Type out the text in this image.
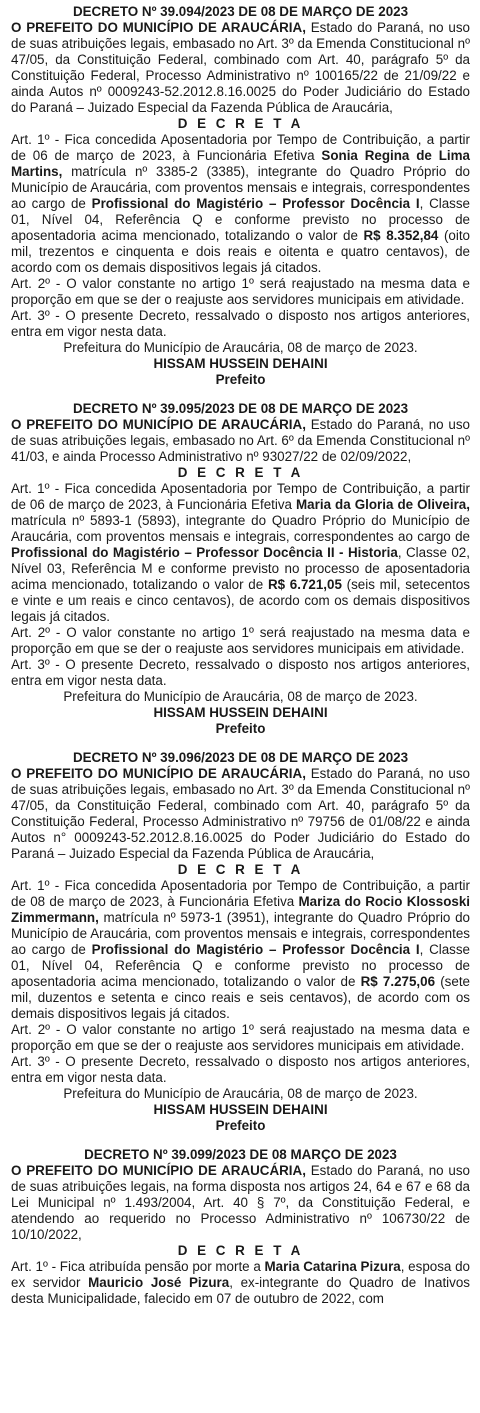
DECRETO Nº 39.094/2023 DE 08 DE MARÇO DE 2023

O PREFEITO DO MUNICÍPIO DE ARAUCÁRIA, Estado do Paraná, no uso de suas atribuições legais, embasado no Art. 3º da Emenda Constitucional nº 47/05, da Constituição Federal, combinado com Art. 40, parágrafo 5º da Constituição Federal, Processo Administrativo nº 100165/22 de 21/09/22 e ainda Autos nº 0009243-52.2012.8.16.0025 do Poder Judiciário do Estado do Paraná – Juizado Especial da Fazenda Pública de Araucária,

D E C R E T A

Art. 1º - Fica concedida Aposentadoria por Tempo de Contribuição, a partir de 06 de março de 2023, à Funcionária Efetiva Sonia Regina de Lima Martins, matrícula nº 3385-2 (3385), integrante do Quadro Próprio do Município de Araucária, com proventos mensais e integrais, correspondentes ao cargo de Profissional do Magistério – Professor Docência I, Classe 01, Nível 04, Referência Q e conforme previsto no processo de aposentadoria acima mencionado, totalizando o valor de R$ 8.352,84 (oito mil, trezentos e cinquenta e dois reais e oitenta e quatro centavos), de acordo com os demais dispositivos legais já citados.

Art. 2º - O valor constante no artigo 1º será reajustado na mesma data e proporção em que se der o reajuste aos servidores municipais em atividade.

Art. 3º - O presente Decreto, ressalvado o disposto nos artigos anteriores, entra em vigor nesta data.

Prefeitura do Município de Araucária, 08 de março de 2023.

HISSAM HUSSEIN DEHAINI

Prefeito

DECRETO Nº 39.095/2023 DE 08 DE MARÇO DE 2023

O PREFEITO DO MUNICÍPIO DE ARAUCÁRIA, Estado do Paraná, no uso de suas atribuições legais, embasado no Art. 6º da Emenda Constitucional nº 41/03, e ainda Processo Administrativo nº 93027/22 de 02/09/2022,

D E C R E T A

Art. 1º - Fica concedida Aposentadoria por Tempo de Contribuição, a partir de 06 de março de 2023, à Funcionária Efetiva Maria da Gloria de Oliveira, matrícula nº 5893-1 (5893), integrante do Quadro Próprio do Município de Araucária, com proventos mensais e integrais, correspondentes ao cargo de Profissional do Magistério – Professor Docência II - Historia, Classe 02, Nível 03, Referência M e conforme previsto no processo de aposentadoria acima mencionado, totalizando o valor de R$ 6.721,05 (seis mil, setecentos e vinte e um reais e cinco centavos), de acordo com os demais dispositivos legais já citados.

Art. 2º - O valor constante no artigo 1º será reajustado na mesma data e proporção em que se der o reajuste aos servidores municipais em atividade.

Art. 3º - O presente Decreto, ressalvado o disposto nos artigos anteriores, entra em vigor nesta data.

Prefeitura do Município de Araucária, 08 de março de 2023.

HISSAM HUSSEIN DEHAINI

Prefeito

DECRETO Nº 39.096/2023 DE 08 DE MARÇO DE 2023

O PREFEITO DO MUNICÍPIO DE ARAUCÁRIA, Estado do Paraná, no uso de suas atribuições legais, embasado no Art. 3º da Emenda Constitucional nº 47/05, da Constituição Federal, combinado com Art. 40, parágrafo 5º da Constituição Federal, Processo Administrativo nº 79756 de 01/08/22 e ainda Autos n° 0009243-52.2012.8.16.0025 do Poder Judiciário do Estado do Paraná – Juizado Especial da Fazenda Pública de Araucária,

D E C R E T A

Art. 1º - Fica concedida Aposentadoria por Tempo de Contribuição, a partir de 08 de março de 2023, à Funcionária Efetiva Mariza do Rocio Klossoski Zimmermann, matrícula nº 5973-1 (3951), integrante do Quadro Próprio do Município de Araucária, com proventos mensais e integrais, correspondentes ao cargo de Profissional do Magistério – Professor Docência I, Classe 01, Nível 04, Referência Q e conforme previsto no processo de aposentadoria acima mencionado, totalizando o valor de R$ 7.275,06 (sete mil, duzentos e setenta e cinco reais e seis centavos), de acordo com os demais dispositivos legais já citados.

Art. 2º - O valor constante no artigo 1º será reajustado na mesma data e proporção em que se der o reajuste aos servidores municipais em atividade.

Art. 3º - O presente Decreto, ressalvado o disposto nos artigos anteriores, entra em vigor nesta data.

Prefeitura do Município de Araucária, 08 de março de 2023.

HISSAM HUSSEIN DEHAINI

Prefeito

DECRETO Nº 39.099/2023 DE 08 MARÇO DE 2023

O PREFEITO DO MUNICÍPIO DE ARAUCÁRIA, Estado do Paraná, no uso de suas atribuições legais, na forma disposta nos artigos 24, 64 e 67 e 68 da Lei Municipal nº 1.493/2004, Art. 40 § 7º, da Constituição Federal, e atendendo ao requerido no Processo Administrativo nº 106730/22 de 10/10/2022,

D E C R E T A

Art. 1º - Fica atribuída pensão por morte a Maria Catarina Pizura, esposa do ex servidor Mauricio José Pizura, ex-integrante do Quadro de Inativos desta Municipalidade, falecido em 07 de outubro de 2022, com
